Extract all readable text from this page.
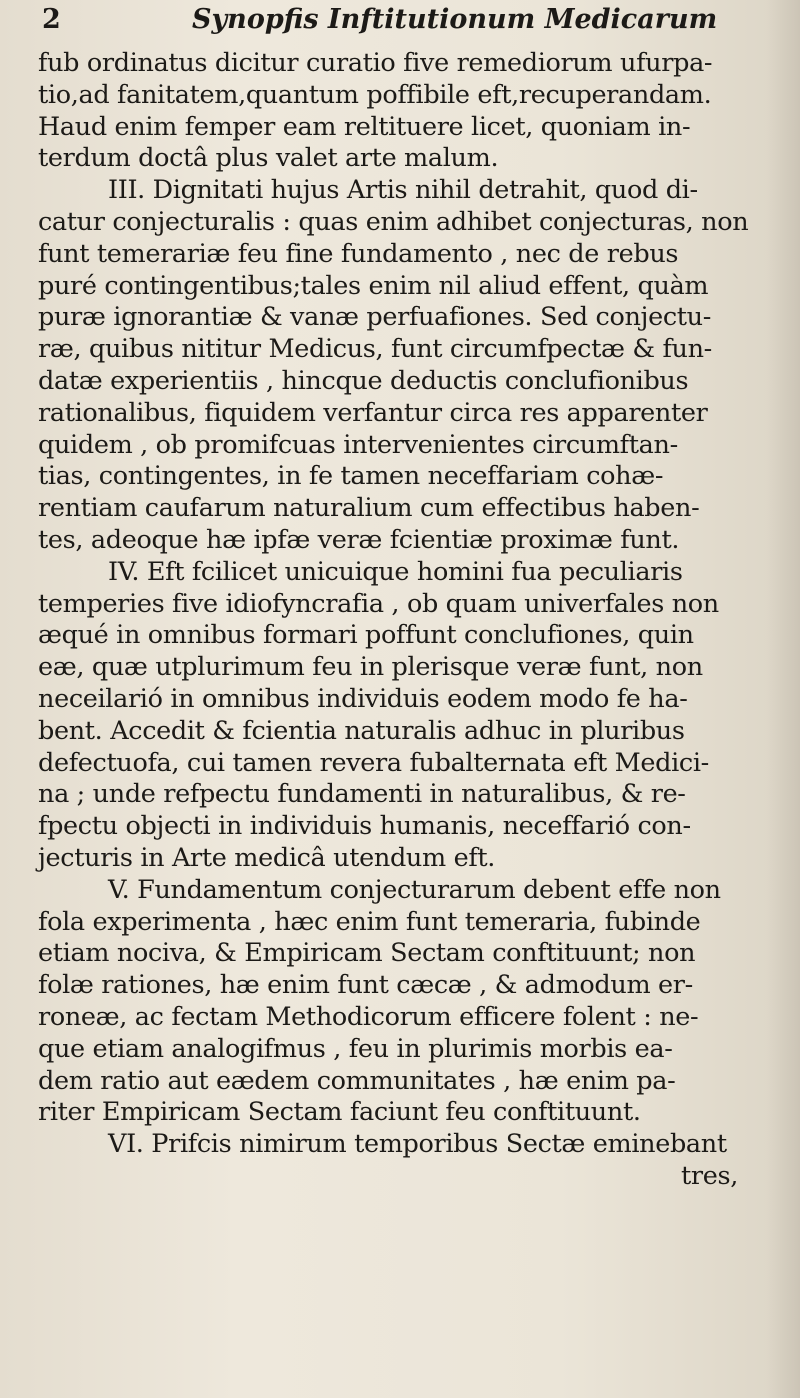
2	Synopfis Inftitutionum Medicarum
fub ordinatus dicitur curatio five remediorum ufurpa-
tio,ad fanitatem,quantum poffibile eft,recuperandam.
Haud enim femper eam reltituere licet, quoniam in-
terdum doctâ plus valet arte malum.
III. Dignitati hujus Artis nihil detrahit, quod di-
catur conjecturalis : quas enim adhibet conjecturas, non
funt temerariæ feu fine fundamento , nec de rebus
puré contingentibus;tales enim nil aliud effent, quàm
puræ ignorantiæ & vanæ perfuafiones. Sed conjectu-
ræ, quibus nititur Medicus, funt circumfpectæ & fun-
datæ experientiis , hincque deductis conclufionibus
rationalibus, fiquidem verfantur circa res apparenter
quidem , ob promifcuas intervenientes circumftan-
tias, contingentes, in fe tamen neceffariam cohæ-
rentiam caufarum naturalium cum effectibus haben-
tes, adeoque hæ ipfæ veræ fcientiæ proximæ funt.
IV. Eft fcilicet unicuique homini fua peculiaris
temperies five idiofyncrafia , ob quam univerfales non
æqué in omnibus formari poffunt conclufiones, quin
eæ, quæ utplurimum feu in plerisque veræ funt, non
neceilarió in omnibus individuis eodem modo fe ha-
bent. Accedit & fcientia naturalis adhuc in pluribus
defectuofa, cui tamen revera fubalternata eft Medici-
na ; unde refpectu fundamenti in naturalibus, & re-
fpectu objecti in individuis humanis, neceffarió con-
jecturis in Arte medicâ utendum eft.
V. Fundamentum conjecturarum debent effe non
fola experimenta , hæc enim funt temeraria, fubinde
etiam nociva, & Empiricam Sectam conftituunt; non
folæ rationes, hæ enim funt cæcæ , & admodum er-
roneæ, ac fectam Methodicorum efficere folent : ne-
que etiam analogifmus , feu in plurimis morbis ea-
dem ratio aut eædem communitates , hæ enim pa-
riter Empiricam Sectam faciunt feu conftituunt.
VI. Prifcis nimirum temporibus Sectæ eminebant
tres,
